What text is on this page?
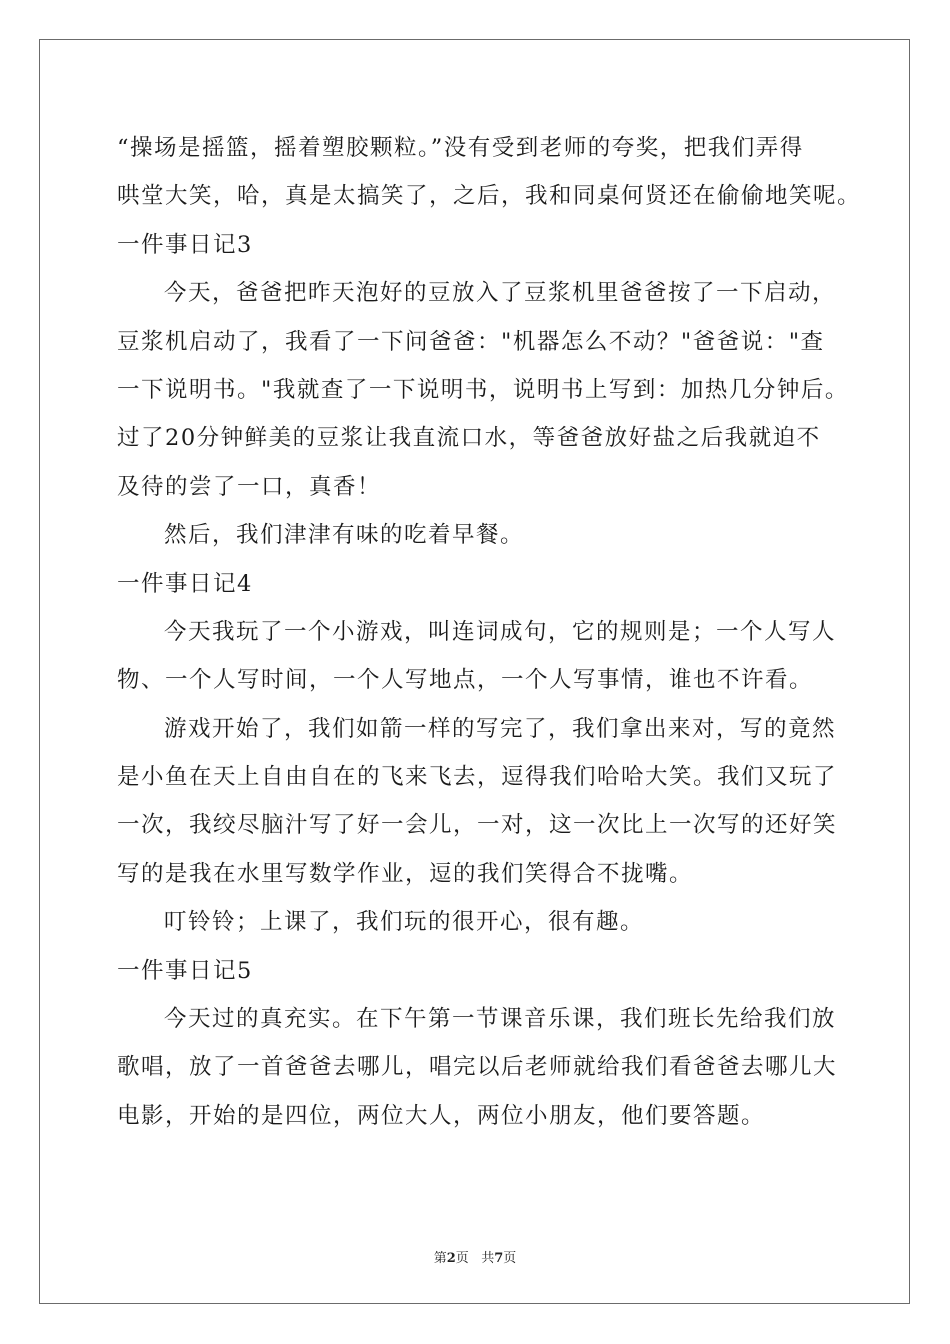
“操场是摇篮，摇着塑胶颗粒。”没有受到老师的夸奖，把我们弄得
哄堂大笑，哈，真是太搞笑了，之后，我和同桌何贤还在偷偷地笑呢。
一件事日记3
今天，爸爸把昨天泡好的豆放入了豆浆机里爸爸按了一下启动，
豆浆机启动了，我看了一下问爸爸："机器怎么不动？"爸爸说："查
一下说明书。"我就查了一下说明书，说明书上写到：加热几分钟后。
过了20分钟鲜美的豆浆让我直流口水，等爸爸放好盐之后我就迫不
及待的尝了一口，真香！
然后，我们津津有味的吃着早餐。
一件事日记4
今天我玩了一个小游戏，叫连词成句，它的规则是；一个人写人
物、一个人写时间，一个人写地点，一个人写事情，谁也不许看。
游戏开始了，我们如箭一样的写完了，我们拿出来对，写的竟然
是小鱼在天上自由自在的飞来飞去，逗得我们哈哈大笑。我们又玩了
一次，我绞尽脑汁写了好一会儿，一对，这一次比上一次写的还好笑
写的是我在水里写数学作业，逗的我们笑得合不拢嘴。
叮铃铃；上课了，我们玩的很开心，很有趣。
一件事日记5
今天过的真充实。在下午第一节课音乐课，我们班长先给我们放
歌唱，放了一首爸爸去哪儿，唱完以后老师就给我们看爸爸去哪儿大
电影，开始的是四位，两位大人，两位小朋友，他们要答题。
第2页 共7页
